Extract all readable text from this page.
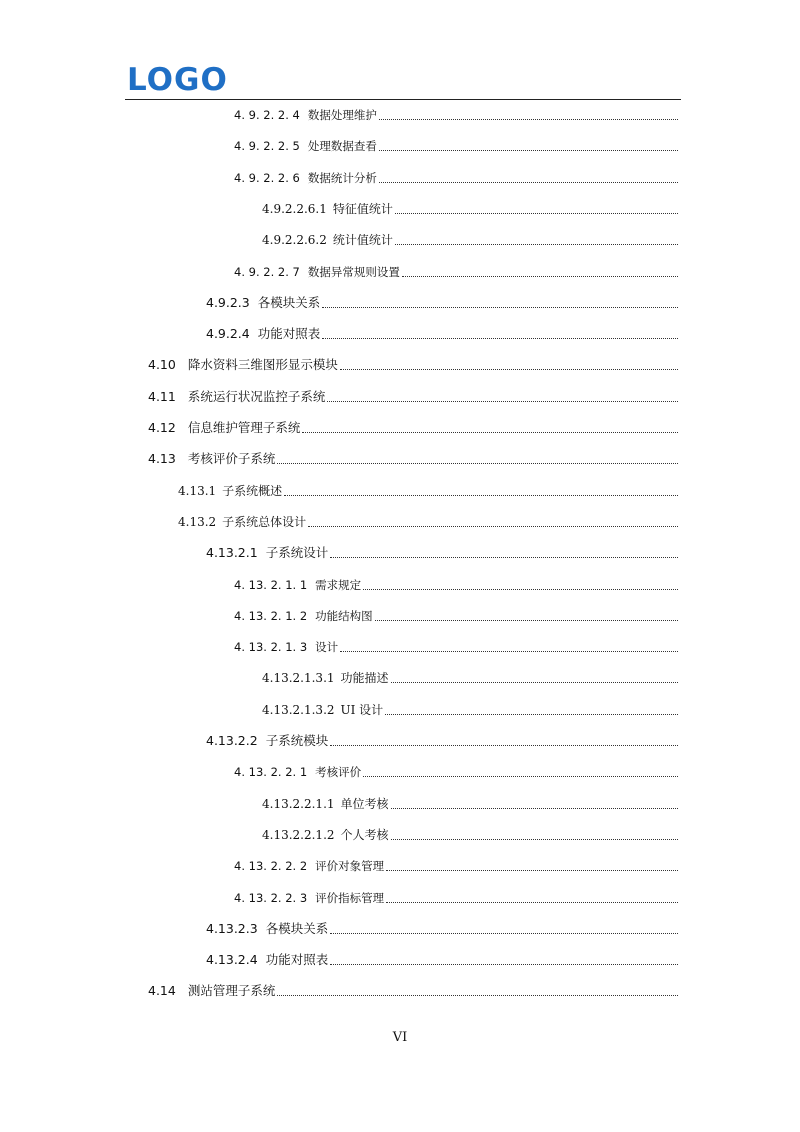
LOGO
4. 9. 2. 2. 4 数据处理维护
4. 9. 2. 2. 5 处理数据查看
4. 9. 2. 2. 6 数据统计分析
4.9.2.2.6.1 特征值统计
4.9.2.2.6.2 统计值统计
4. 9. 2. 2. 7 数据异常规则设置
4.9.2.3 各模块关系
4.9.2.4 功能对照表
4.10 降水资料三维图形显示模块
4.11 系统运行状况监控子系统
4.12 信息维护管理子系统
4.13 考核评价子系统
4.13.1 子系统概述
4.13.2 子系统总体设计
4.13.2.1 子系统设计
4. 13. 2. 1. 1 需求规定
4. 13. 2. 1. 2 功能结构图
4. 13. 2. 1. 3 设计
4.13.2.1.3.1 功能描述
4.13.2.1.3.2 UI 设计
4.13.2.2 子系统模块
4. 13. 2. 2. 1 考核评价
4.13.2.2.1.1 单位考核
4.13.2.2.1.2 个人考核
4. 13. 2. 2. 2 评价对象管理
4. 13. 2. 2. 3 评价指标管理
4.13.2.3 各模块关系
4.13.2.4 功能对照表
4.14 测站管理子系统
VI
